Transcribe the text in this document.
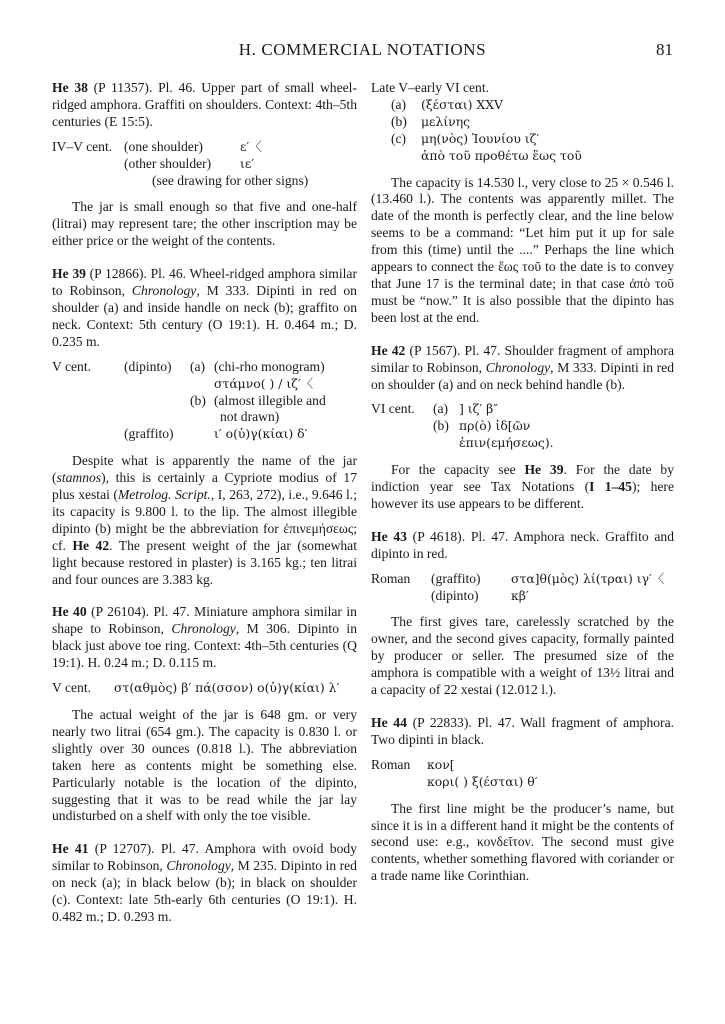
H. COMMERCIAL NOTATIONS	81
He 38 (P 11357). Pl. 46. Upper part of small wheel-ridged amphora. Graffiti on shoulders. Context: 4th–5th centuries (E 15:5).
IV–V cent. (one shoulder)	ε′〈
(other shoulder)	ιε′
(see drawing for other signs)

The jar is small enough so that five and one-half (litrai) may represent tare; the other inscription may be either price or the weight of the contents.

He 39 (P 12866). Pl. 46. Wheel-ridged amphora similar to Robinson, Chronology, M 333. Dipinti in red on shoulder (a) and inside handle on neck (b); graffito on neck. Context: 5th century (O 19:1). H. 0.464 m.; D. 0.235 m.
V cent.	(dipinto)	(a) (chi-rho monogram)
στάμνο( ) / ιζ′〈
(b) (almost illegible and
not drawn)
(graffito)	ι′ ο(ὐ)γ(κίαι) δ′

Despite what is apparently the name of the jar (stamnos), this is certainly a Cypriote modius of 17 plus xestai (Metrolog. Script., I, 263, 272), i.e., 9.646 l.; its capacity is 9.800 l. to the lip. The almost illegible dipinto (b) might be the abbreviation for ἐπινεμήσεως; cf. He 42. The present weight of the jar (somewhat light because restored in plaster) is 3.165 kg.; ten litrai and four ounces are 3.383 kg.

He 40 (P 26104). Pl. 47. Miniature amphora similar in shape to Robinson, Chronology, M 306. Dipinto in black just above toe ring. Context: 4th–5th centuries (Q 19:1). H. 0.24 m.; D. 0.115 m.
V cent.	στ(αθμὸς) β′ πά(σσον) ο(ὐ)γ(κίαι) λ′

The actual weight of the jar is 648 gm. or very nearly two litrai (654 gm.). The capacity is 0.830 l. or slightly over 30 ounces (0.818 l.). The abbreviation taken here as contents might be something else. Particularly notable is the location of the dipinto, suggesting that it was to be read while the jar lay undisturbed on a shelf with only the toe visible.

He 41 (P 12707). Pl. 47. Amphora with ovoid body similar to Robinson, Chronology, M 235. Dipinto in red on neck (a); in black below (b); in black on shoulder (c). Context: late 5th-early 6th centuries (O 19:1). H. 0.482 m.; D. 0.293 m.
Late V–early VI cent.
(a)	(ξέσται) XXV
(b)	μελίνης
(c)	μη(νὸς) Ἰουνίου ιζ′
ἀπὸ τοῦ προθέτω ἕως τοῦ

The capacity is 14.530 l., very close to 25 × 0.546 l. (13.460 l.). The contents was apparently millet. The date of the month is perfectly clear, and the line below seems to be a command: “Let him put it up for sale from this (time) until the ....” Perhaps the line which appears to connect the ἕως τοῦ to the date is to convey that June 17 is the terminal date; in that case ἀπὸ τοῦ must be “now.” It is also possible that the dipinto has been lost at the end.

He 42 (P 1567). Pl. 47. Shoulder fragment of amphora similar to Robinson, Chronology, M 333. Dipinti in red on shoulder (a) and on neck behind handle (b).
VI cent.	(a) ] ιζ′ β″
(b) πρ(ὸ) ἰδ[ῶν
ἐπιν(εμήσεως).

For the capacity see He 39. For the date by indiction year see Tax Notations (I 1–45); here however its use appears to be different.

He 43 (P 4618). Pl. 47. Amphora neck. Graffito and dipinto in red.
Roman	(graffito)	στα]θ(μὸς) λί(τραι) ιγ′〈
(dipinto)	κβ′

The first gives tare, carelessly scratched by the owner, and the second gives capacity, formally painted by producer or seller. The presumed size of the amphora is compatible with a weight of 13½ litrai and a capacity of 22 xestai (12.012 l.).

He 44 (P 22833). Pl. 47. Wall fragment of amphora. Two dipinti in black.
Roman	κον[
κορι( ) ξ(έσται) θ′

The first line might be the producer’s name, but since it is in a different hand it might be the contents of second use: e.g., κονδεῖτον. The second must give contents, whether something flavored with coriander or a trade name like Corinthian.
